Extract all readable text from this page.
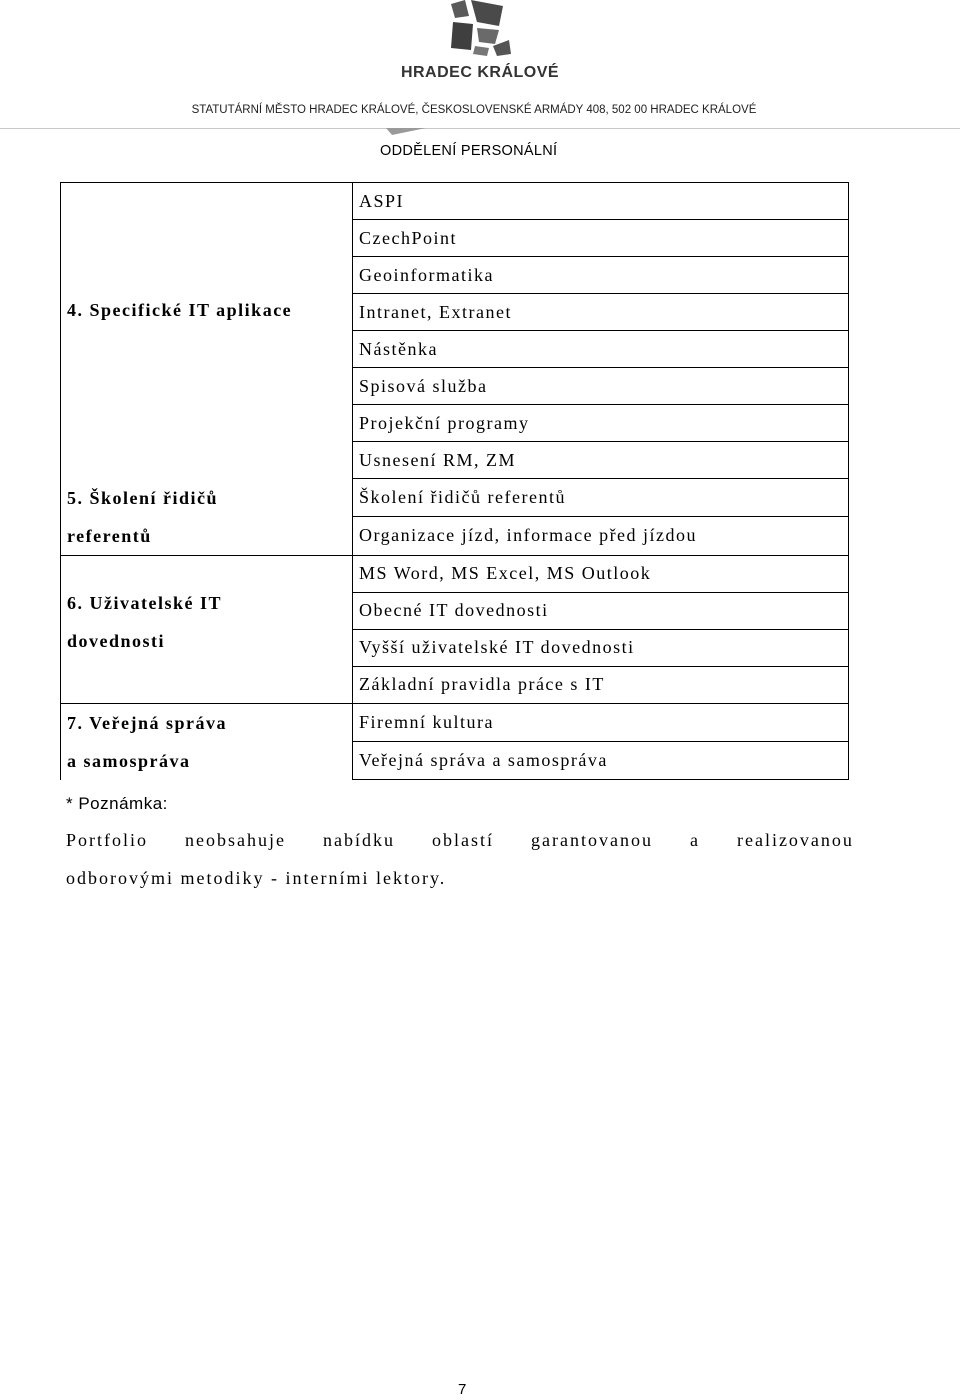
HRADEC KRÁLOVÉ
STATUTÁRNÍ MĚSTO HRADEC KRÁLOVÉ, ČESKOSLOVENSKÉ ARMÁDY 408, 502 00 HRADEC KRÁLOVÉ
ODDĚLENÍ PERSONÁLNÍ
4. Specifické IT aplikace	ASPI
	CzechPoint
	Geoinformatika
	Intranet, Extranet
	Nástěnka
	Spisová služba
	Projekční programy
	Usnesení RM, ZM

5. Školení řidičů
referentů	Školení řidičů referentů
	Organizace jízd, informace před jízdou

6. Uživatelské IT
dovednosti	MS Word, MS Excel, MS Outlook
	Obecné IT dovednosti
	Vyšší uživatelské IT dovednosti
	Základní pravidla práce s IT

7. Veřejná správa
a samospráva	Firemní kultura
	Veřejná správa a samospráva
* Poznámka:
Portfolio neobsahuje nabídku oblastí garantovanou a realizovanou
odborovými metodiky - interními lektory.
7
